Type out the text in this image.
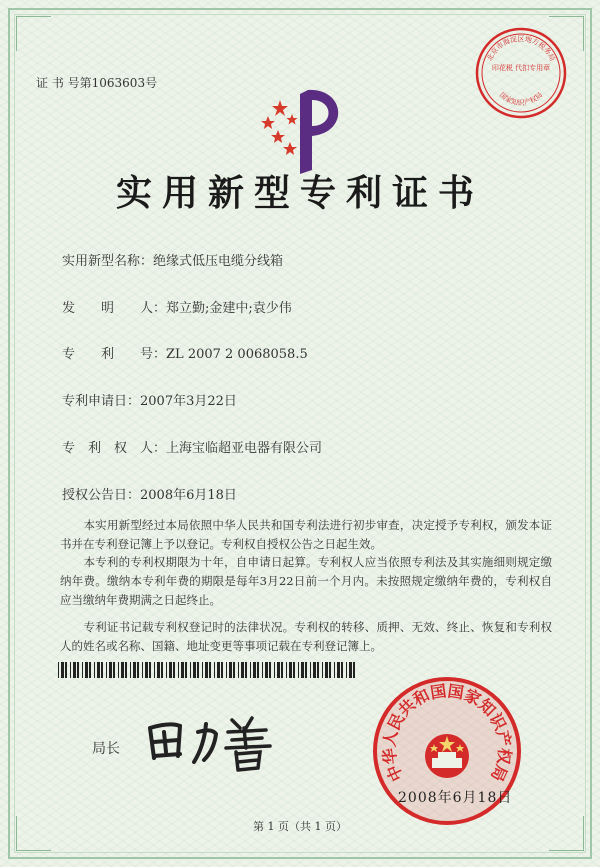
证 书 号第1063603号
北京市海淀区地方税务局
印花税 代扣专用章
国家知识产权局
实用新型专利证书
实用新型名称：绝缘式低压电缆分线箱
发　　明　　人：郑立勤;金建中;袁少伟
专　　利　　号：ZL 2007 2 0068058.5
专利申请日：2007年3月22日
专　利　权　人：上海宝临超亚电器有限公司
授权公告日：2008年6月18日
　　本实用新型经过本局依照中华人民共和国专利法进行初步审查，决定授予专利权，颁发本证书并在专利登记簿上予以登记。专利权自授权公告之日起生效。
　　本专利的专利权期限为十年，自申请日起算。专利权人应当依照专利法及其实施细则规定缴纳年费。缴纳本专利年费的期限是每年3月22日前一个月内。未按照规定缴纳年费的，专利权自应当缴纳年费期满之日起终止。
　　专利证书记载专利权登记时的法律状况。专利权的转移、质押、无效、终止、恢复和专利权人的姓名或名称、国籍、地址变更等事项记载在专利登记簿上。
局长
中华人民共和国国家知识产权局
2008年6月18日
第 1 页（共 1 页）
